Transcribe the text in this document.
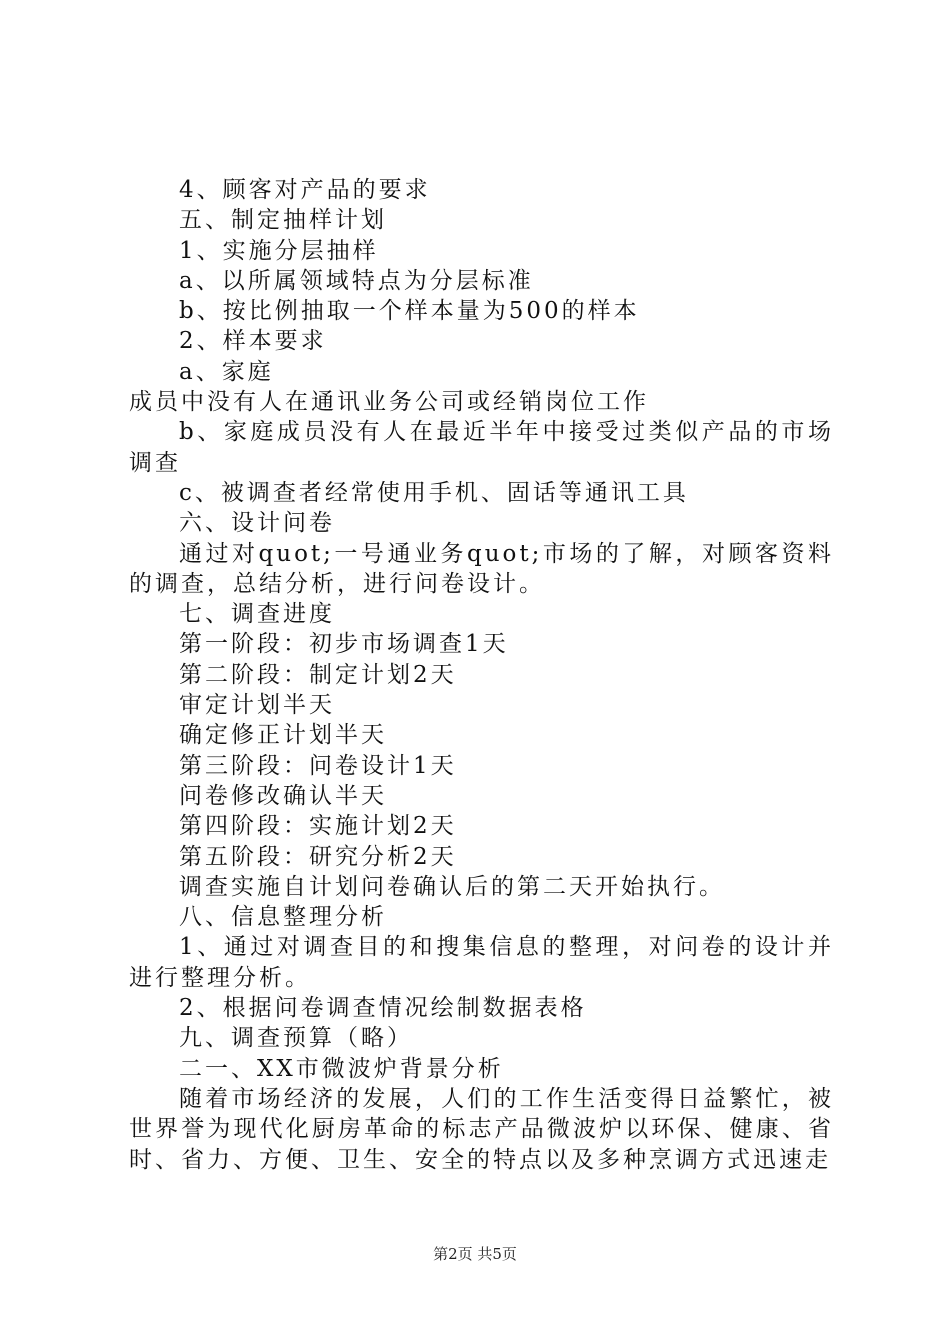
4、顾客对产品的要求
五、制定抽样计划
1、实施分层抽样
a、以所属领域特点为分层标准
b、按比例抽取一个样本量为500的样本
2、样本要求
a、家庭
成员中没有人在通讯业务公司或经销岗位工作
b、家庭成员没有人在最近半年中接受过类似产品的市场调查
c、被调查者经常使用手机、固话等通讯工具
六、设计问卷
通过对quot;一号通业务quot;市场的了解，对顾客资料的调查，总结分析，进行问卷设计。
七、调查进度
第一阶段：初步市场调查1天
第二阶段：制定计划2天
审定计划半天
确定修正计划半天
第三阶段：问卷设计1天
问卷修改确认半天
第四阶段：实施计划2天
第五阶段：研究分析2天
调查实施自计划问卷确认后的第二天开始执行。
八、信息整理分析
1、通过对调查目的和搜集信息的整理，对问卷的设计并进行整理分析。
2、根据问卷调查情况绘制数据表格
九、调查预算（略）
二一、XX市微波炉背景分析
随着市场经济的发展，人们的工作生活变得日益繁忙，被世界誉为现代化厨房革命的标志产品微波炉以环保、健康、省时、省力、方便、卫生、安全的特点以及多种烹调方式迅速走
第2页 共5页
